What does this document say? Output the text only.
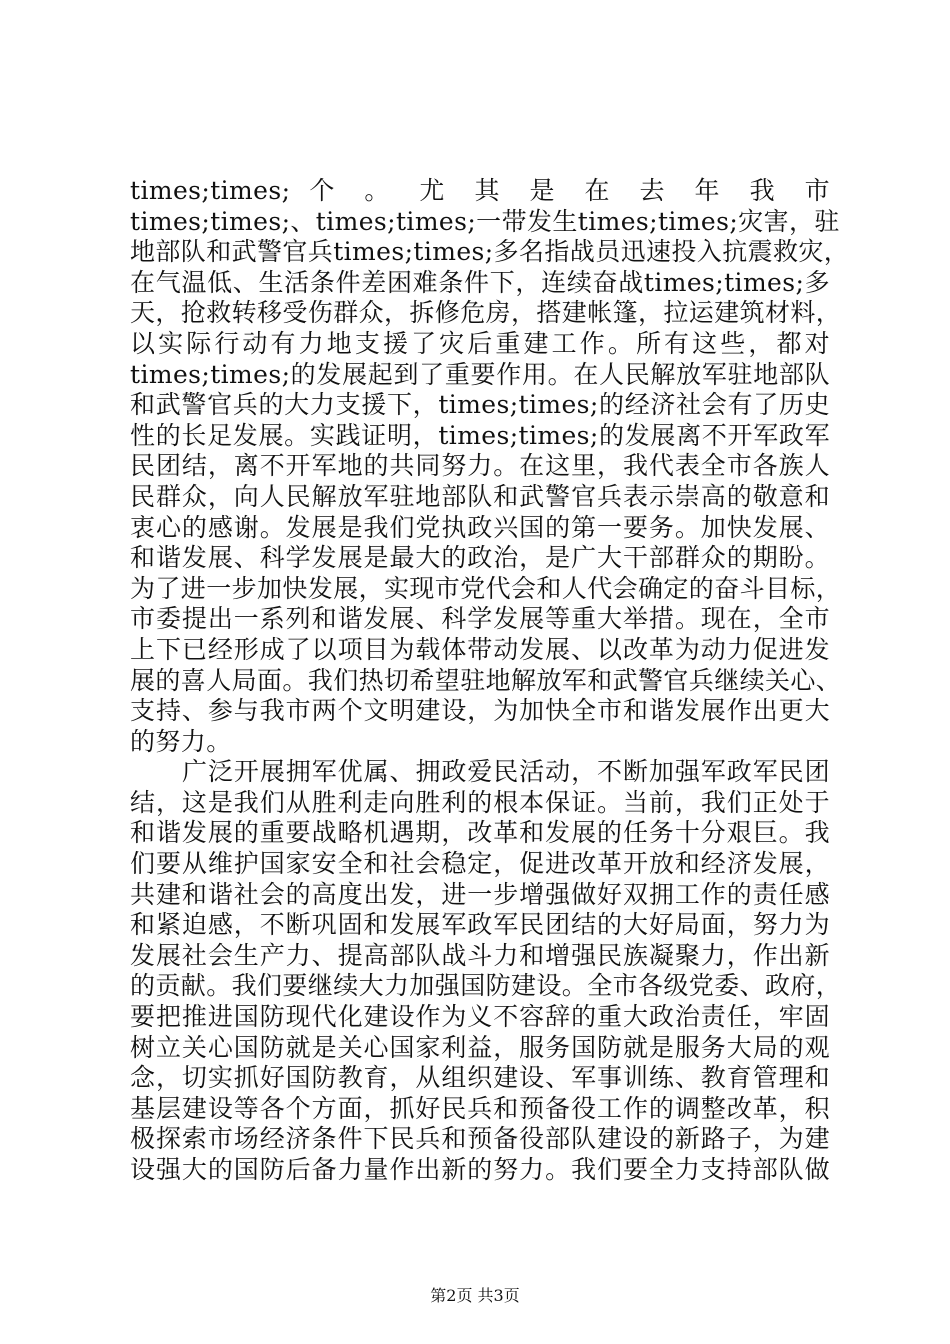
times;times; 个 。 尤 其 是 在 去 年 我 市
times;times;、times;times;一带发生times;times;灾害，驻
地部队和武警官兵times;times;多名指战员迅速投入抗震救灾，
在气温低、生活条件差困难条件下，连续奋战times;times;多
天，抢救转移受伤群众，拆修危房，搭建帐篷，拉运建筑材料，
以实际行动有力地支援了灾后重建工作。所有这些，都对
times;times;的发展起到了重要作用。在人民解放军驻地部队
和武警官兵的大力支援下，times;times;的经济社会有了历史
性的长足发展。实践证明，times;times;的发展离不开军政军
民团结，离不开军地的共同努力。在这里，我代表全市各族人
民群众，向人民解放军驻地部队和武警官兵表示崇高的敬意和
衷心的感谢。发展是我们党执政兴国的第一要务。加快发展、
和谐发展、科学发展是最大的政治，是广大干部群众的期盼。
为了进一步加快发展，实现市党代会和人代会确定的奋斗目标，
市委提出一系列和谐发展、科学发展等重大举措。现在，全市
上下已经形成了以项目为载体带动发展、以改革为动力促进发
展的喜人局面。我们热切希望驻地解放军和武警官兵继续关心、
支持、参与我市两个文明建设，为加快全市和谐发展作出更大
的努力。
广泛开展拥军优属、拥政爱民活动，不断加强军政军民团
结，这是我们从胜利走向胜利的根本保证。当前，我们正处于
和谐发展的重要战略机遇期，改革和发展的任务十分艰巨。我
们要从维护国家安全和社会稳定，促进改革开放和经济发展，
共建和谐社会的高度出发，进一步增强做好双拥工作的责任感
和紧迫感，不断巩固和发展军政军民团结的大好局面，努力为
发展社会生产力、提高部队战斗力和增强民族凝聚力，作出新
的贡献。我们要继续大力加强国防建设。全市各级党委、政府，
要把推进国防现代化建设作为义不容辞的重大政治责任，牢固
树立关心国防就是关心国家利益，服务国防就是服务大局的观
念，切实抓好国防教育，从组织建设、军事训练、教育管理和
基层建设等各个方面，抓好民兵和预备役工作的调整改革，积
极探索市场经济条件下民兵和预备役部队建设的新路子，为建
设强大的国防后备力量作出新的努力。我们要全力支持部队做
第2页 共3页
